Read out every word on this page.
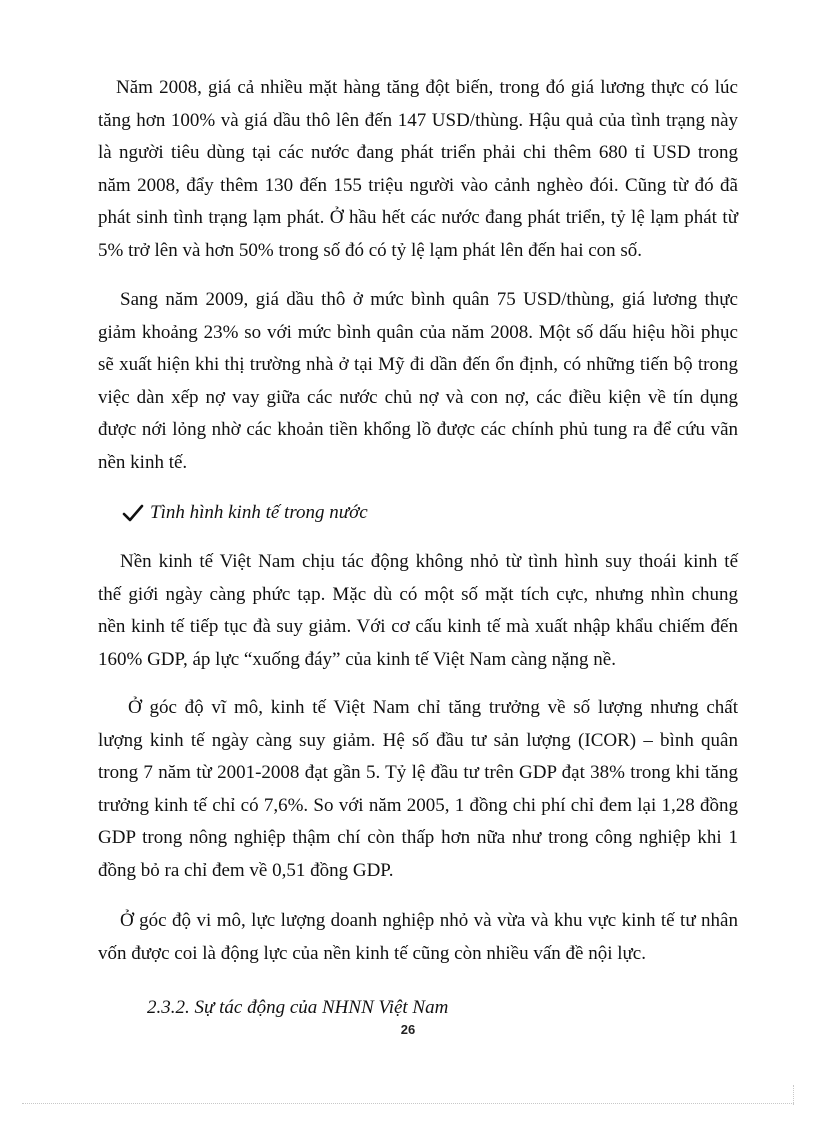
Năm 2008, giá cả nhiều mặt hàng tăng đột biến, trong đó giá lương thực có lúc
tăng hơn 100% và giá dầu thô lên đến 147 USD/thùng. Hậu quả của tình trạng này
là người tiêu dùng tại các nước đang phát triển phải chi thêm 680 tỉ USD trong
năm 2008, đẩy thêm 130 đến 155 triệu người vào cảnh nghèo đói. Cũng từ đó đã
phát sinh tình trạng lạm phát. Ở hầu hết các nước đang phát triển, tỷ lệ lạm phát từ
5% trở lên và hơn 50% trong số đó có tỷ lệ lạm phát lên đến hai con số.
Sang năm 2009, giá dầu thô ở mức bình quân 75 USD/thùng, giá lương thực
giảm khoảng 23% so với mức bình quân của năm 2008. Một số dấu hiệu hồi phục
sẽ xuất hiện khi thị trường nhà ở tại Mỹ đi dần đến ổn định, có những tiến bộ trong
việc dàn xếp nợ vay giữa các nước chủ nợ và con nợ, các điều kiện về tín dụng
được nới lỏng nhờ các khoản tiền khổng lồ được các chính phủ tung ra để cứu vãn
nền kinh tế.
Tình hình kinh tế trong nước
Nền kinh tế Việt Nam chịu tác động không nhỏ từ tình hình suy thoái kinh tế
thế giới ngày càng phức tạp. Mặc dù có một số mặt tích cực, nhưng nhìn chung
nền kinh tế tiếp tục đà suy giảm. Với cơ cấu kinh tế mà xuất nhập khẩu chiếm đến
160% GDP, áp lực “xuống đáy” của kinh tế Việt Nam càng nặng nề.
Ở góc độ vĩ mô, kinh tế Việt Nam chỉ tăng trưởng về số lượng nhưng chất
lượng kinh tế ngày càng suy giảm. Hệ số đầu tư sản lượng (ICOR) – bình quân
trong 7 năm từ 2001-2008 đạt gần 5. Tỷ lệ đầu tư trên GDP đạt 38% trong khi tăng
trưởng kinh tế chỉ có 7,6%. So với năm 2005, 1 đồng chi phí chỉ đem lại 1,28 đồng
GDP trong nông nghiệp thậm chí còn thấp hơn nữa như trong công nghiệp khi 1
đồng bỏ ra chỉ đem về 0,51 đồng GDP.
Ở góc độ vi mô, lực lượng doanh nghiệp nhỏ và vừa và khu vực kinh tế tư nhân
vốn được coi là động lực của nền kinh tế cũng còn nhiều vấn đề nội lực.
2.3.2. Sự tác động của NHNN Việt Nam
26
